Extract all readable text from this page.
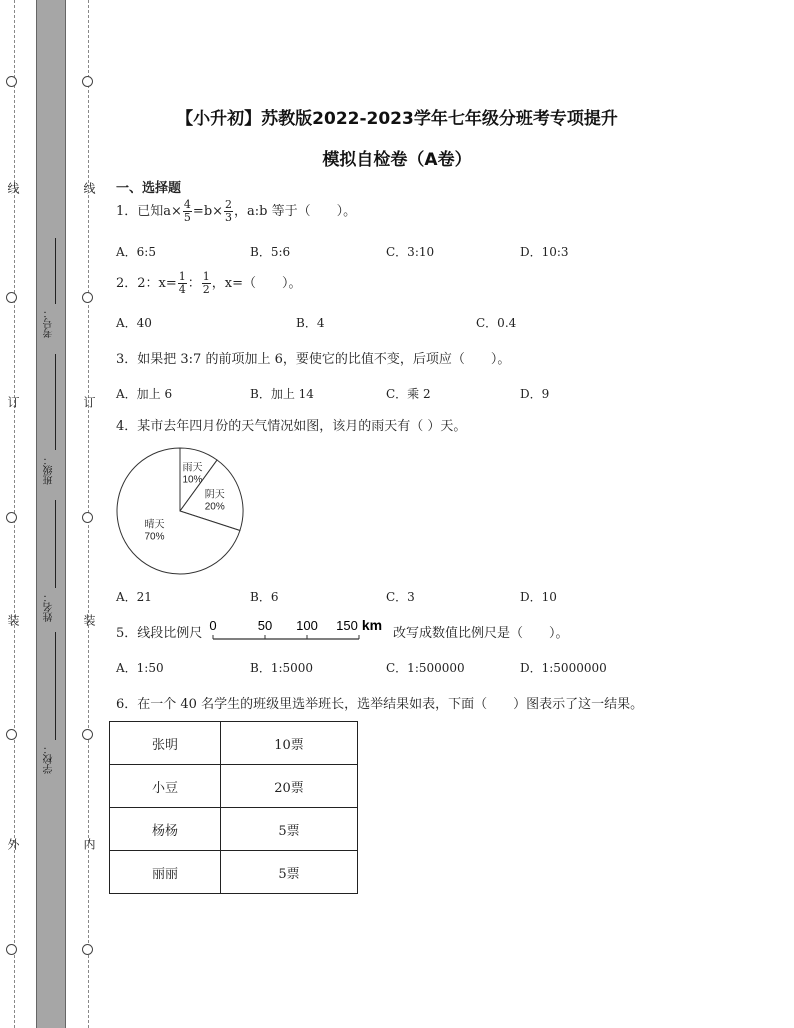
线
订
装
外
线
订
装
内
考号：
班级：
姓名：
学校：
【小升初】苏教版2022-2023学年七年级分班考专项提升
模拟自检卷（A卷）
一、选择题
1．已知$a\times \frac{4}{5} =b\times \frac{2}{3}$ ，a:b 等于（　　）。
A．6:5	B．5:6	C．3:10	D．10:3
2．2：$x= \frac{1}{4}$ ： $\frac{1}{2}$ ，x=（　　）。
A．40	B．4	C．0.4
3．如果把 3:7 的前项加上 6，要使它的比值不变，后项应（　　）。
A．加上 6	B．加上 14	C．乘 2	D．9
4．某市去年四月份的天气情况如图，该月的雨天有（ ）天。
雨天
10%
阴天
20%
晴天
70%
A．21	B．6	C．3	D．10
5．线段比例尺
0	50 100 150 km
改写成数值比例尺是（　　）。
A．1:50	B．1:5000	C．1:500000	D．1:5000000
6．在一个 40 名学生的班级里选举班长，选举结果如表，下面（　　）图表示了这一结果。
张明	10票
小豆	20票
杨杨	5票
丽丽	5票
